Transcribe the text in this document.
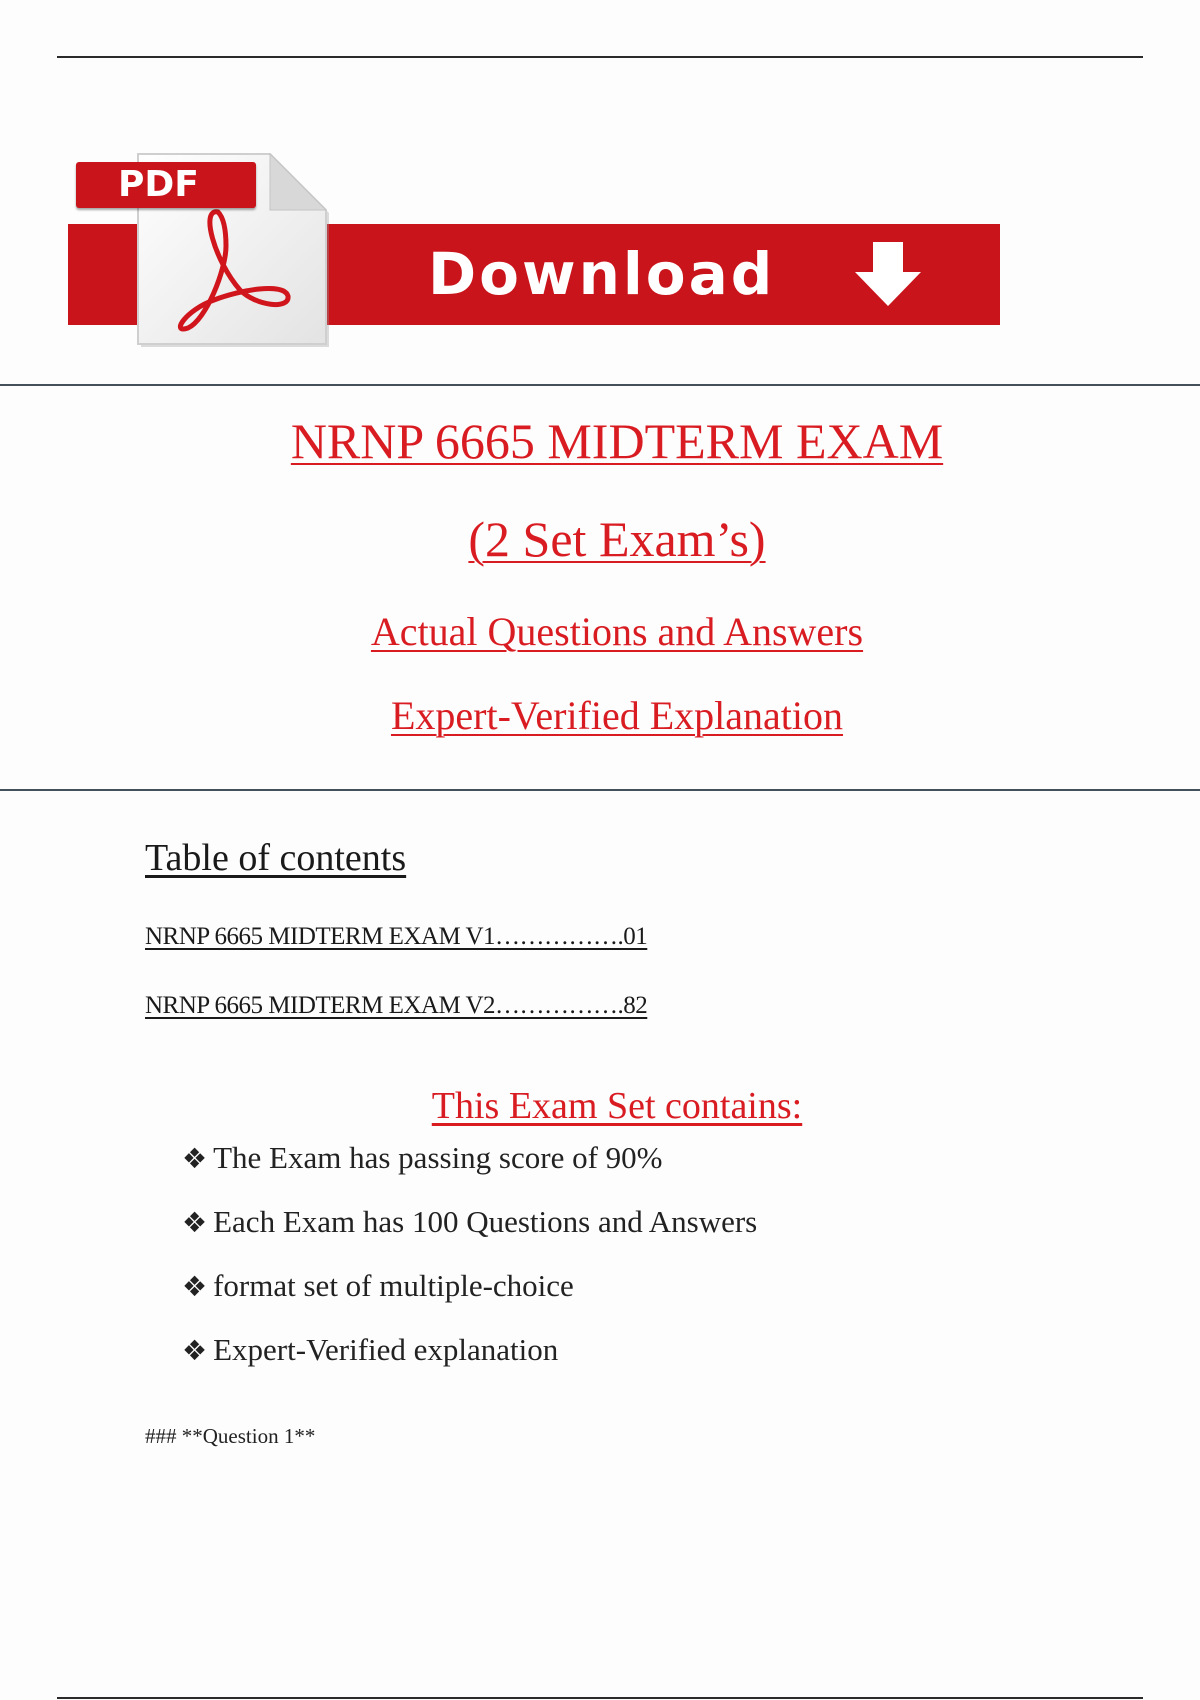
Download
PDF
NRNP 6665 MIDTERM EXAM
(2 Set Exam’s)
Actual Questions and Answers
Expert-Verified Explanation
Table of contents
NRNP 6665 MIDTERM EXAM V1…………….01
NRNP 6665 MIDTERM EXAM V2…………….82
This Exam Set contains:
❖ The Exam has passing score of 90%
❖ Each Exam has 100 Questions and Answers
❖ format set of multiple-choice
❖ Expert-Verified explanation
### **Question 1**
